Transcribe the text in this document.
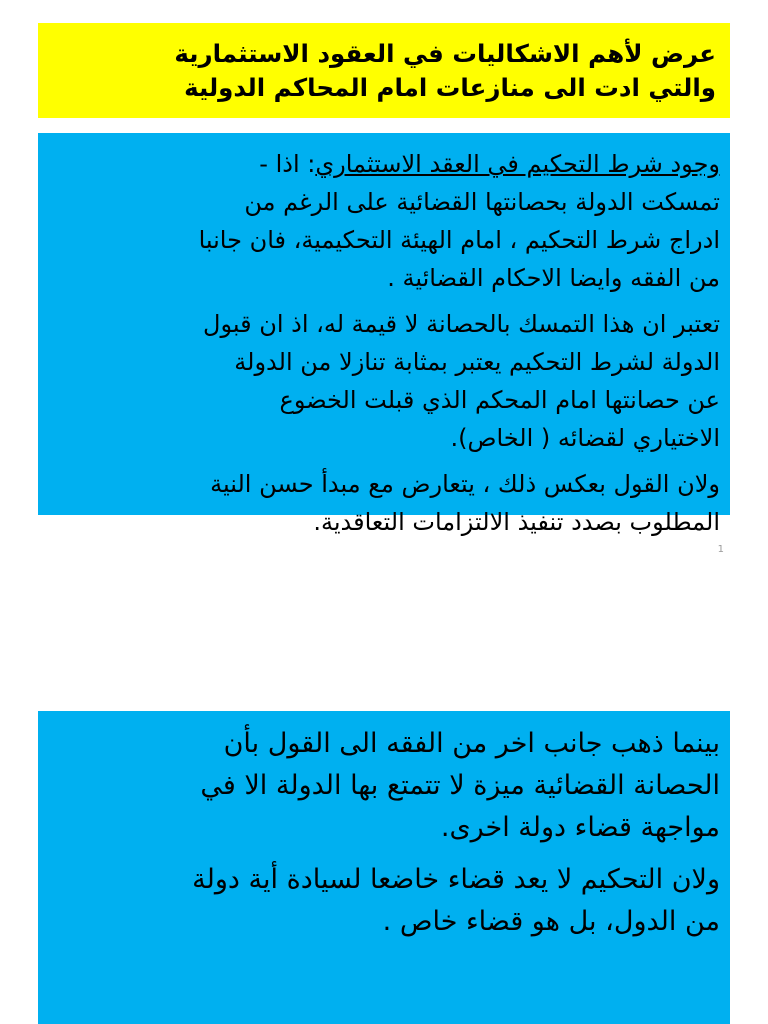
عرض لأهم الاشكاليات في العقود الاستثمارية
والتي ادت الى منازعات امام المحاكم الدولية

وجود شرط التحكيم في العقد الاستثماري: اذا -
تمسكت الدولة بحصانتها القضائية على الرغم من
ادراج شرط التحكيم ، امام الهيئة التحكيمية، فان جانبا
من الفقه وايضا الاحكام القضائية .

تعتبر ان هذا التمسك بالحصانة لا قيمة له، اذ ان قبول
الدولة لشرط التحكيم يعتبر بمثابة تنازلا من الدولة
عن حصانتها امام المحكم الذي قبلت الخضوع
الاختياري لقضائه ( الخاص).

ولان القول بعكس ذلك ، يتعارض مع مبدأ حسن النية
المطلوب بصدد تنفيذ الالتزامات التعاقدية.

1

بينما ذهب جانب اخر من الفقه الى القول بأن
الحصانة القضائية ميزة لا تتمتع بها الدولة الا في
مواجهة قضاء دولة اخرى.

ولان التحكيم لا يعد قضاء خاضعا لسيادة أية دولة
من الدول، بل هو قضاء خاص .
